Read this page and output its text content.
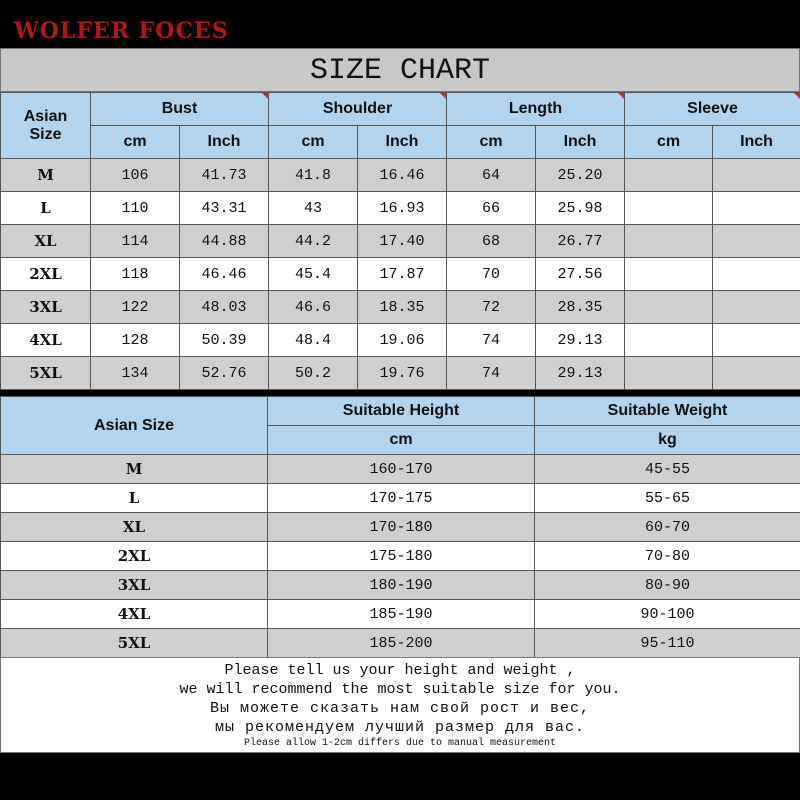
WOLFER FOCES
SIZE CHART
Asian Size	Bust		Shoulder		Length		Sleeve	
	cm	Inch	cm	Inch	cm	Inch	cm	Inch
M	106	41.73	41.8	16.46	64	25.20		
L	110	43.31	43	16.93	66	25.98		
XL	114	44.88	44.2	17.40	68	26.77		
2XL	118	46.46	45.4	17.87	70	27.56		
3XL	122	48.03	46.6	18.35	72	28.35		
4XL	128	50.39	48.4	19.06	74	29.13		
5XL	134	52.76	50.2	19.76	74	29.13		
Asian Size	Suitable Height	Suitable Weight
	cm	kg
M	160-170	45-55
L	170-175	55-65
XL	170-180	60-70
2XL	175-180	70-80
3XL	180-190	80-90
4XL	185-190	90-100
5XL	185-200	95-110
Please tell us your height and weight ,
we will recommend the most suitable size for you.
Вы можете сказать нам свой рост и вес,
мы рекомендуем лучший размер для вас.
Please allow 1-2cm differs due to manual measurement
